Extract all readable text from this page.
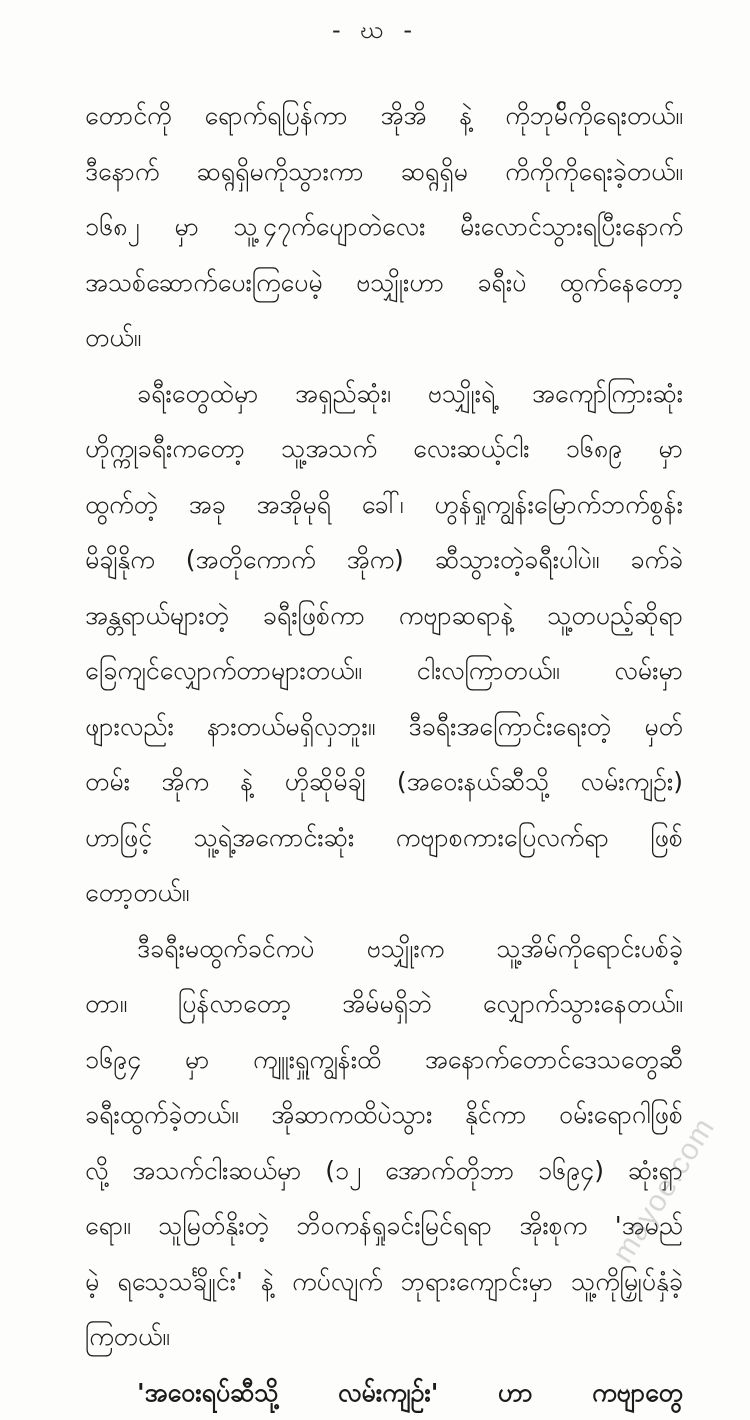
- ဃ -
တောင်ကို ရောက်ရပြန်ကာ အိုအိ နဲ့ ကိုဘုမ်ိကိုရေးတယ်။
ဒီနောက် ဆရ္ဂရှိမကိုသွားကာ ဆရ္ဂရှိမ ကိကိုကိုရေးခဲ့တယ်။
၁၆၈၂ မှာ သူ့၄၇က်ပျောတဲလေး မီးလောင်သွားရပြီးနောက်
အသစ်ဆောက်ပေးကြပေမဲ့ ဗသျှိုးဟာ ခရီးပဲ ထွက်နေတော့
တယ်။
ခရီးတွေထဲမှာ အရှည်ဆုံး၊ ဗသျှိုးရဲ့ အကျော်ကြားဆုံး
ဟိုက္ကုခရီးကတော့ သူ့အသက် လေးဆယ့်ငါး ၁၆၈၉ မှာ
ထွက်တဲ့ အခု အအိုမုရိ ခေါ်၊ ဟွန်ရှုကျွန်းမြောက်ဘက်စွန်း
မိချိနိုက (အတိုကောက် အိုက) ဆီသွားတဲ့ခရီးပါပဲ။ ခက်ခဲ
အန္တရာယ်များတဲ့ ခရီးဖြစ်ကာ ကဗျာဆရာနဲ့ သူ့တပည့်ဆိုရာ
ခြေကျင်လျှောက်တာများတယ်။ ငါးလကြာတယ်။ လမ်းမှာ
ဖျားလည်း နားတယ်မရှိလှဘူး။ ဒီခရီးအကြောင်းရေးတဲ့ မှတ်
တမ်း အိုက နဲ့ ဟိုဆိုမိချိ (အဝေးနယ်ဆီသို့ လမ်းကျဉ်း)
ဟာဖြင့် သူ့ရဲ့အကောင်းဆုံး ကဗျာစကားပြေလက်ရာ ဖြစ်
တော့တယ်။
ဒီခရီးမထွက်ခင်ကပဲ ဗသျှိုးက သူ့အိမ်ကိုရောင်းပစ်ခဲ့
တာ။ ပြန်လာတော့ အိမ်မရှိဘဲ လျှောက်သွားနေတယ်။
၁၆၉၄ မှာ ကျူးရှူကျွန်းထိ အနောက်တောင်ဒေသတွေဆီ
ခရီးထွက်ခဲ့တယ်။ အိုဆာကထိပဲသွား နိုင်ကာ ဝမ်းရောဂါဖြစ်
လို့ အသက်ငါးဆယ်မှာ (၁၂ အောက်တိုဘာ ၁၆၉၄) ဆုံးရှာ
ရော။ သူမြတ်နိုးတဲ့ ဘိဝကန်ရှုခင်းမြင်ရရာ အိုးစုက 'အမည်
မဲ့ ရသေ့သင်္ချိုင်း' နဲ့ ကပ်လျက် ဘုရားကျောင်းမှာ သူ့ကိုမြှုပ်နှံခဲ့
ကြတယ်။
'အဝေးရပ်ဆီသို့ လမ်းကျဉ်း' ဟာ ကဗျာတွေ
mayoe.com
